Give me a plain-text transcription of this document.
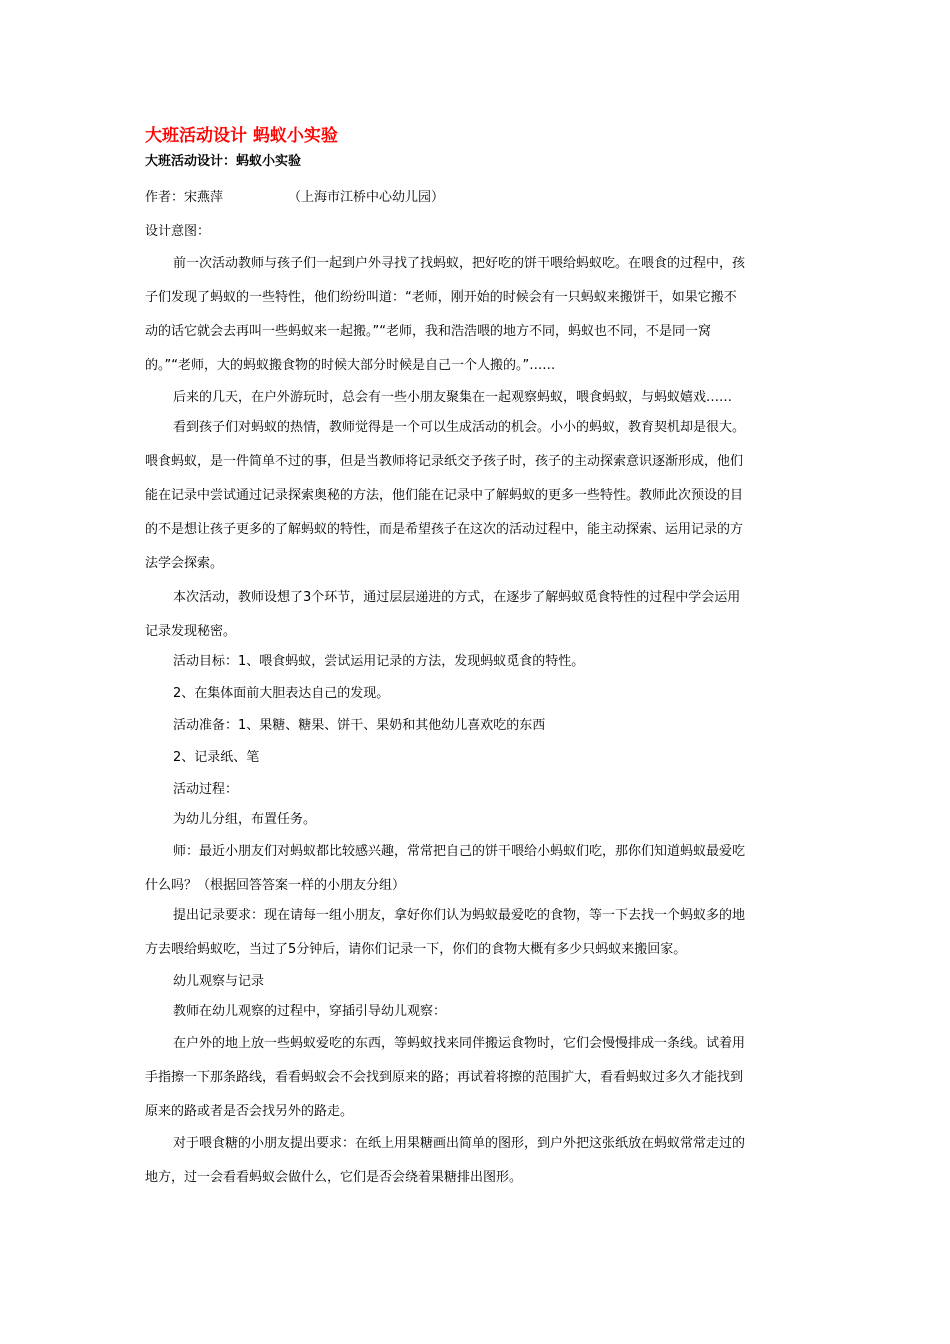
大班活动设计 蚂蚁小实验
大班活动设计：蚂蚁小实验
作者：宋燕萍	（上海市江桥中心幼儿园）
设计意图：
前一次活动教师与孩子们一起到户外寻找了找蚂蚁，把好吃的饼干喂给蚂蚁吃。在喂食的过程中，孩
子们发现了蚂蚁的一些特性，他们纷纷叫道：“老师，刚开始的时候会有一只蚂蚁来搬饼干，如果它搬不
动的话它就会去再叫一些蚂蚁来一起搬。”“老师，我和浩浩喂的地方不同，蚂蚁也不同，不是同一窝
的。”“老师，大的蚂蚁搬食物的时候大部分时候是自己一个人搬的。”……
后来的几天，在户外游玩时，总会有一些小朋友聚集在一起观察蚂蚁，喂食蚂蚁，与蚂蚁嬉戏……
看到孩子们对蚂蚁的热情，教师觉得是一个可以生成活动的机会。小小的蚂蚁，教育契机却是很大。
喂食蚂蚁，是一件简单不过的事，但是当教师将记录纸交予孩子时，孩子的主动探索意识逐渐形成，他们
能在记录中尝试通过记录探索奥秘的方法，他们能在记录中了解蚂蚁的更多一些特性。教师此次预设的目
的不是想让孩子更多的了解蚂蚁的特性，而是希望孩子在这次的活动过程中，能主动探索、运用记录的方
法学会探索。
本次活动，教师设想了3个环节，通过层层递进的方式，在逐步了解蚂蚁觅食特性的过程中学会运用
记录发现秘密。
活动目标：1、喂食蚂蚁，尝试运用记录的方法，发现蚂蚁觅食的特性。
2、在集体面前大胆表达自己的发现。
活动准备：1、果糖、糖果、饼干、果奶和其他幼儿喜欢吃的东西
2、记录纸、笔
活动过程：
为幼儿分组，布置任务。
师：最近小朋友们对蚂蚁都比较感兴趣，常常把自己的饼干喂给小蚂蚁们吃，那你们知道蚂蚁最爱吃
什么吗？（根据回答答案一样的小朋友分组）
提出记录要求：现在请每一组小朋友，拿好你们认为蚂蚁最爱吃的食物，等一下去找一个蚂蚁多的地
方去喂给蚂蚁吃，当过了5分钟后，请你们记录一下，你们的食物大概有多少只蚂蚁来搬回家。
幼儿观察与记录
教师在幼儿观察的过程中，穿插引导幼儿观察：
在户外的地上放一些蚂蚁爱吃的东西，等蚂蚁找来同伴搬运食物时，它们会慢慢排成一条线。试着用
手指擦一下那条路线，看看蚂蚁会不会找到原来的路；再试着将擦的范围扩大，看看蚂蚁过多久才能找到
原来的路或者是否会找另外的路走。
对于喂食糖的小朋友提出要求：在纸上用果糖画出简单的图形，到户外把这张纸放在蚂蚁常常走过的
地方，过一会看看蚂蚁会做什么，它们是否会绕着果糖排出图形。
